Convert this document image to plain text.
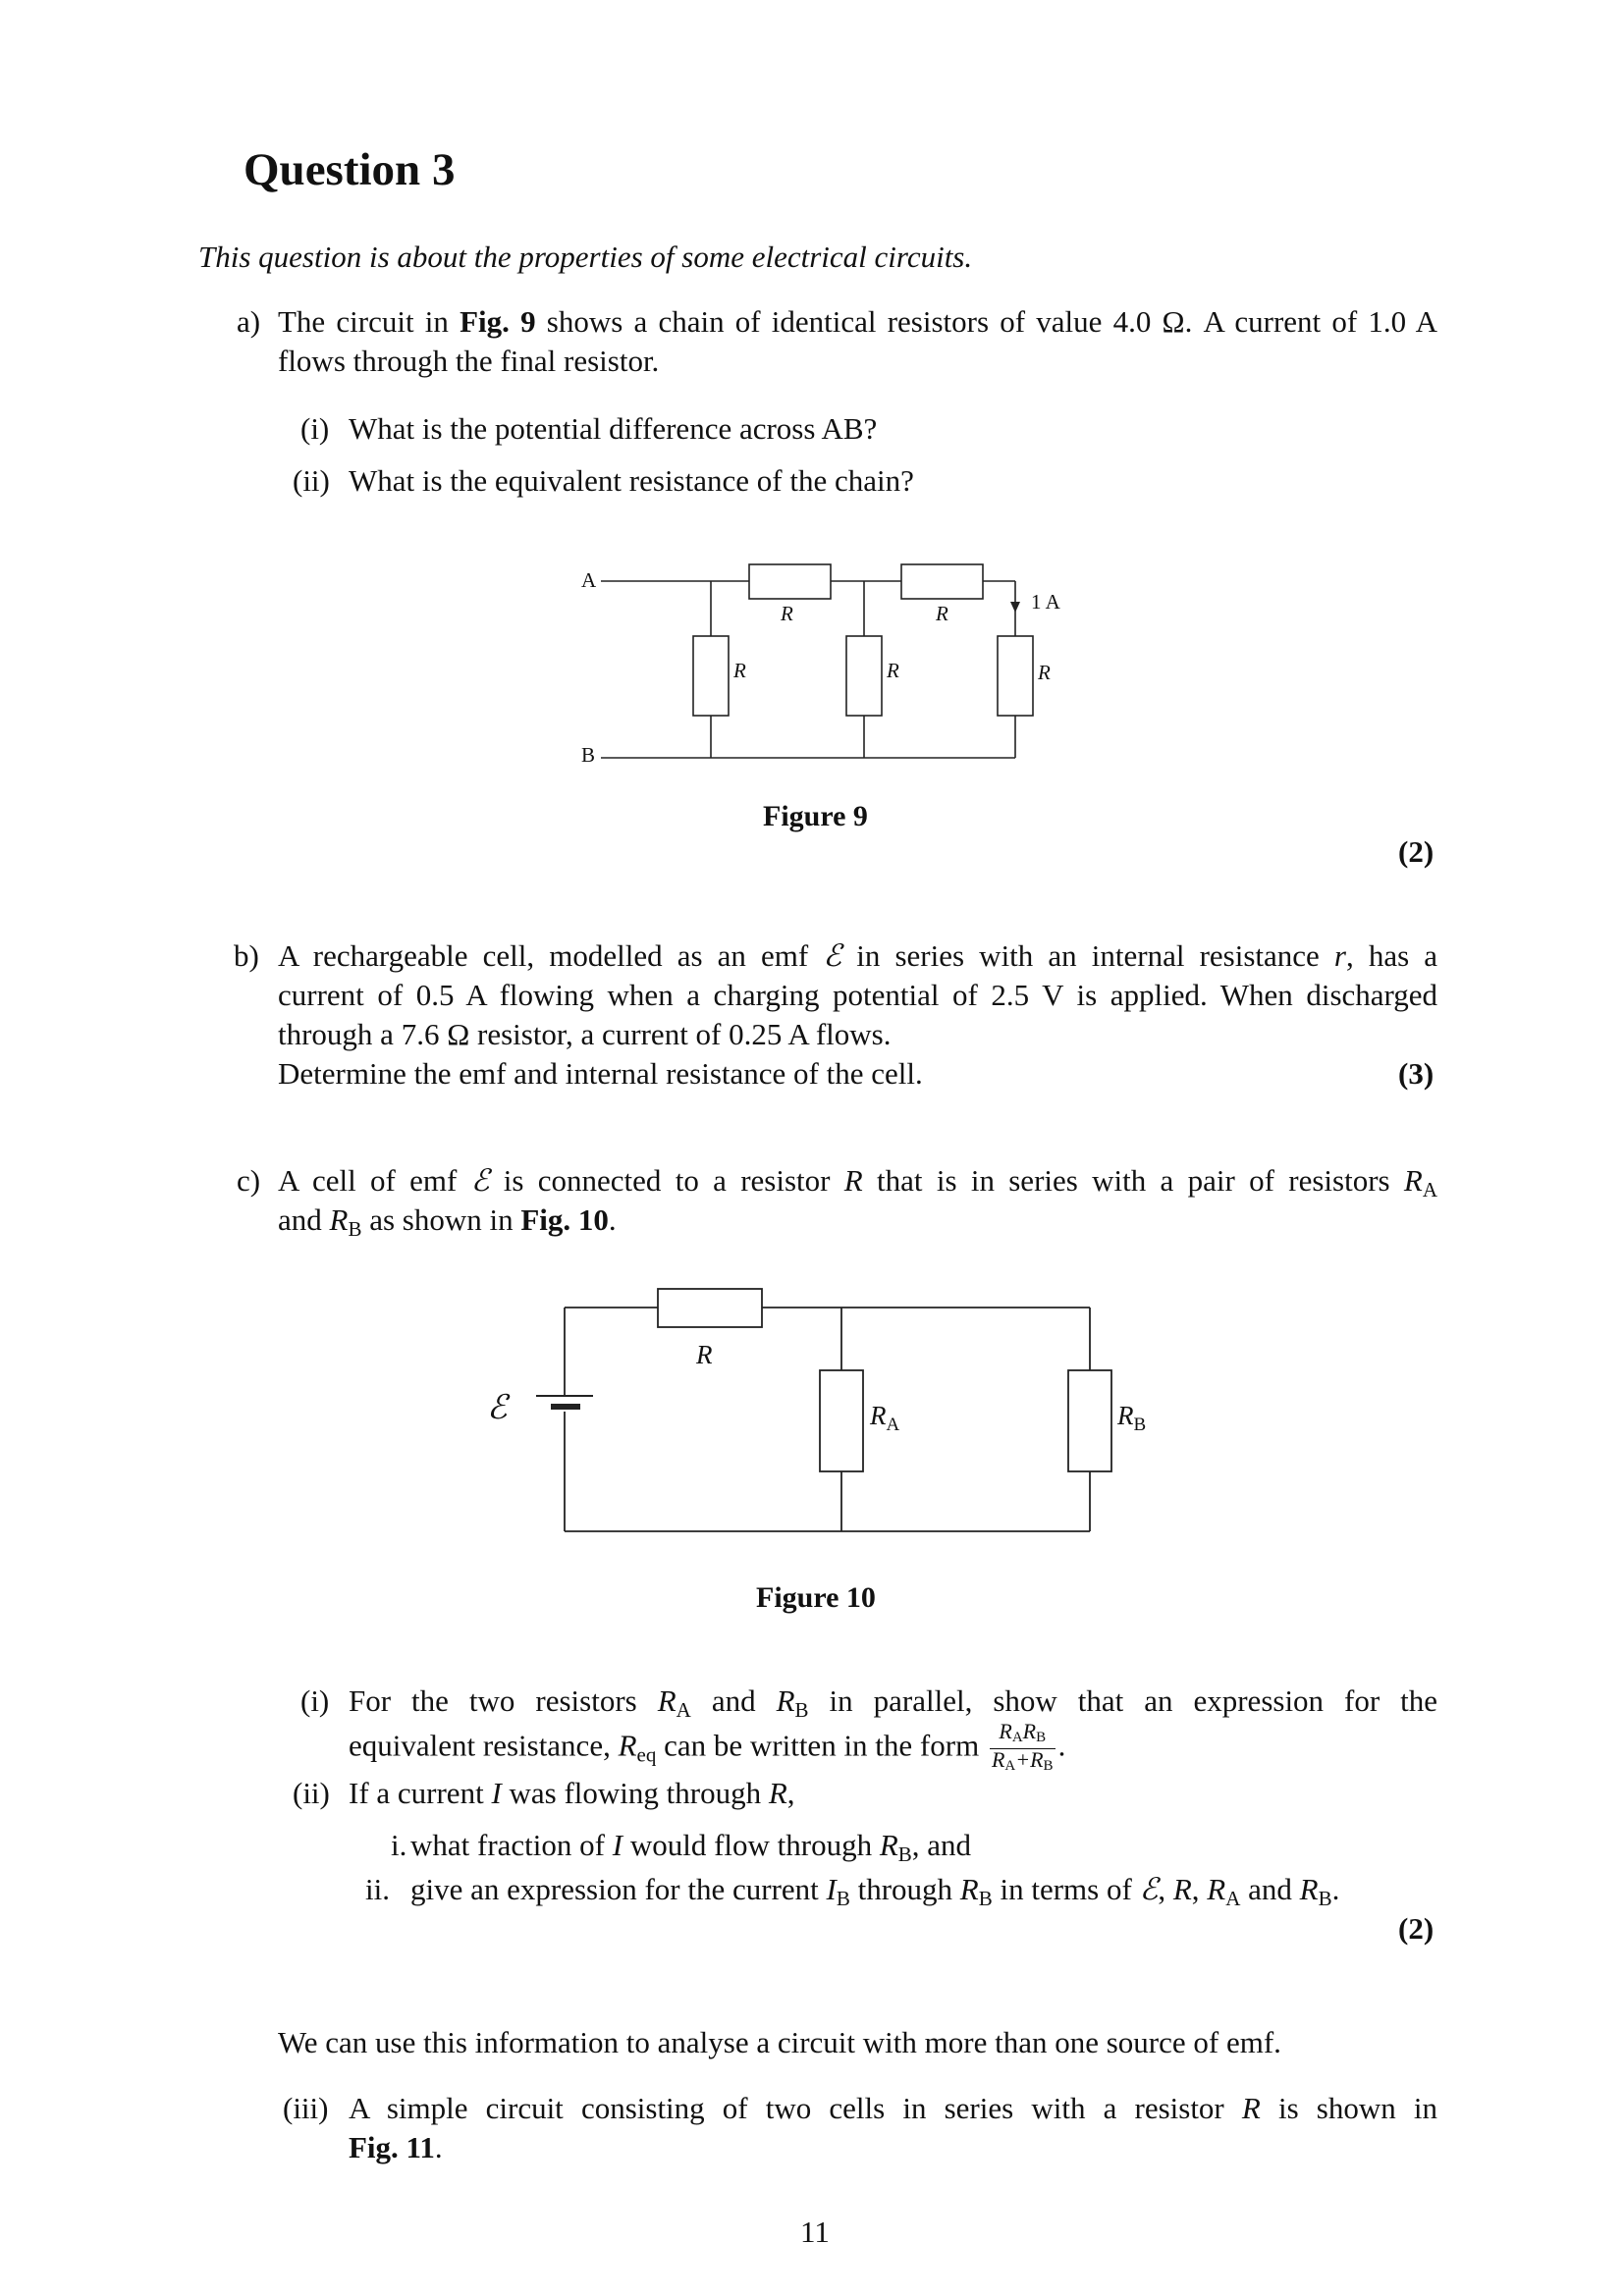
Question 3
This question is about the properties of some electrical circuits.
a) The circuit in Fig. 9 shows a chain of identical resistors of value 4.0 Ω. A current of 1.0 A
flows through the final resistor.
(i) What is the potential difference across AB?
(ii) What is the equivalent resistance of the chain?
A
B
R	R
R	R	R
1 A
Figure 9
(2)
b) A rechargeable cell, modelled as an emf ℰ in series with an internal resistance r, has a
current of 0.5 A flowing when a charging potential of 2.5 V is applied. When discharged
through a 7.6 Ω resistor, a current of 0.25 A flows.
Determine the emf and internal resistance of the cell.	(3)
c) A cell of emf ℰ is connected to a resistor R that is in series with a pair of resistors $R_A$
and $R_B$ as shown in Fig. 10.
ℰ
R
$R_A$	$R_B$
Figure 10
(i) For the two resistors $R_A$ and $R_B$ in parallel, show that an expression for the
equivalent resistance, $R_{eq}$ can be written in the form $\frac{\text{RARB}}{RA+RB}$ .
(ii) If a current I was flowing through R,
i. what fraction of I would flow through $R_B$, and
ii. give an expression for the current $I_B$ through $R_B$ in terms of ℰ, R, $R_A$ and $R_B$.
(2)
We can use this information to analyse a circuit with more than one source of emf.
(iii) A simple circuit consisting of two cells in series with a resistor R is shown in
Fig. 11.
11
